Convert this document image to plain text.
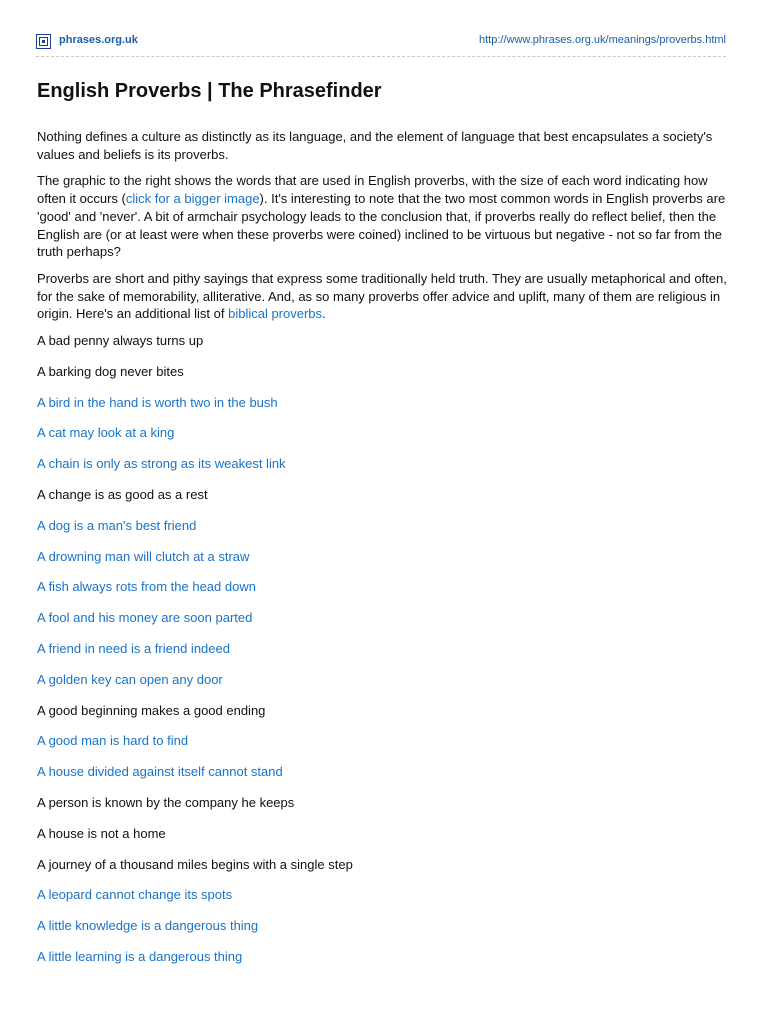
phrases.org.uk	http://www.phrases.org.uk/meanings/proverbs.html
English Proverbs | The Phrasefinder

Nothing defines a culture as distinctly as its language, and the element of language that best encapsulates a society's values and beliefs is its proverbs.

The graphic to the right shows the words that are used in English proverbs, with the size of each word indicating how often it occurs (click for a bigger image). It's interesting to note that the two most common words in English proverbs are 'good' and 'never'. A bit of armchair psychology leads to the conclusion that, if proverbs really do reflect belief, then the English are (or at least were when these proverbs were coined) inclined to be virtuous but negative - not so far from the truth perhaps?

Proverbs are short and pithy sayings that express some traditionally held truth. They are usually metaphorical and often, for the sake of memorability, alliterative. And, as so many proverbs offer advice and uplift, many of them are religious in origin. Here's an additional list of biblical proverbs.

A bad penny always turns up
A barking dog never bites
A bird in the hand is worth two in the bush
A cat may look at a king
A chain is only as strong as its weakest link
A change is as good as a rest
A dog is a man's best friend
A drowning man will clutch at a straw
A fish always rots from the head down
A fool and his money are soon parted
A friend in need is a friend indeed
A golden key can open any door
A good beginning makes a good ending
A good man is hard to find
A house divided against itself cannot stand
A person is known by the company he keeps
A house is not a home
A journey of a thousand miles begins with a single step
A leopard cannot change its spots
A little knowledge is a dangerous thing
A little learning is a dangerous thing
